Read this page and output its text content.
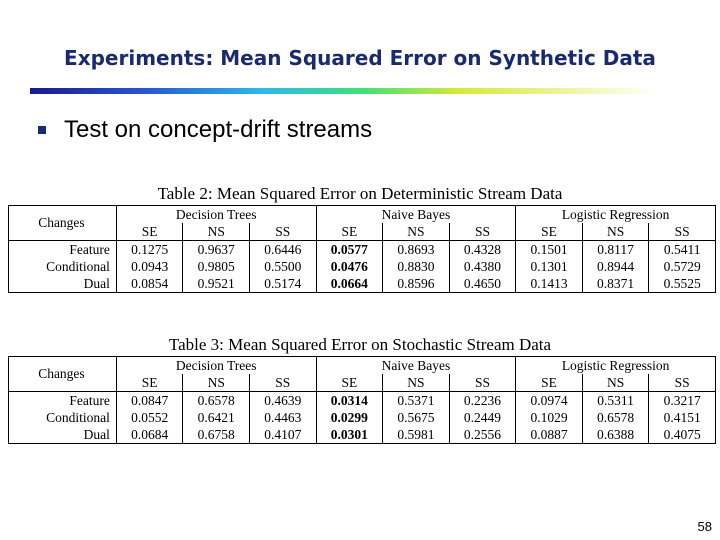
Experiments: Mean Squared Error on Synthetic Data
Test on concept-drift streams
Table 2: Mean Squared Error on Deterministic Stream Data
Changes	Decision Trees			Naive Bayes			Logistic Regression		
	SE	NS	SS	SE	NS	SS	SE	NS	SS
Feature	0.1275	0.9637	0.6446	0.0577	0.8693	0.4328	0.1501	0.8117	0.5411
Conditional	0.0943	0.9805	0.5500	0.0476	0.8830	0.4380	0.1301	0.8944	0.5729
Dual	0.0854	0.9521	0.5174	0.0664	0.8596	0.4650	0.1413	0.8371	0.5525
Table 3: Mean Squared Error on Stochastic Stream Data
Changes	Decision Trees			Naive Bayes			Logistic Regression		
	SE	NS	SS	SE	NS	SS	SE	NS	SS
Feature	0.0847	0.6578	0.4639	0.0314	0.5371	0.2236	0.0974	0.5311	0.3217
Conditional	0.0552	0.6421	0.4463	0.0299	0.5675	0.2449	0.1029	0.6578	0.4151
Dual	0.0684	0.6758	0.4107	0.0301	0.5981	0.2556	0.0887	0.6388	0.4075
58
